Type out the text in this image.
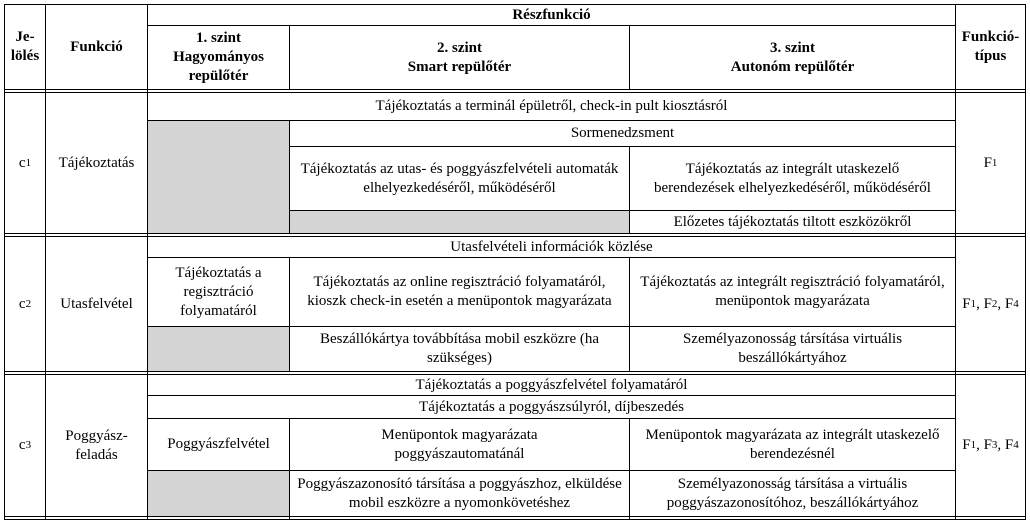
Je-lölés
Funkció
Részfunkció
1. szint
Hagyományos repülőtér
2. szint
Smart repülőtér
3. szint
Autonóm repülőtér
Funkció-típus
c 1	Tájékoztatás
Tájékoztatás a terminál épületről, check-in pult kiosztásról
Sormenedzsment
Tájékoztatás az utas- és poggyászfelvételi automaták elhelyezkedéséről, működéséről
Tájékoztatás az integrált utaskezelő berendezések elhelyezkedéséről, működéséről
Előzetes tájékoztatás tiltott eszközökről
F 1
c 2	Utasfelvétel
Utasfelvételi információk közlése
Tájékoztatás a regisztráció folyamatáról
Tájékoztatás az online regisztráció folyamatáról, kioszk check-in esetén a menüpontok magyarázata
Tájékoztatás az integrált regisztráció folyamatáról, menüpontok magyarázata
Beszállókártya továbbítása mobil eszközre (ha szükséges)
Személyazonosság társítása virtuális beszállókártyához
F 1 , F 2 , F 4
c 3
Poggyász-feladás
Tájékoztatás a poggyászfelvétel folyamatáról
Tájékoztatás a poggyászsúlyról, díjbeszedés
Poggyászfelvétel
Menüpontok magyarázata poggyászautomatánál
Menüpontok magyarázata az integrált utaskezelő berendezésnél
Poggyászazonosító társítása a poggyászhoz, elküldése mobil eszközre a nyomonkövetéshez
Személyazonosság társítása a virtuális poggyászazonosítóhoz, beszállókártyához
F 1 , F 3 , F 4
